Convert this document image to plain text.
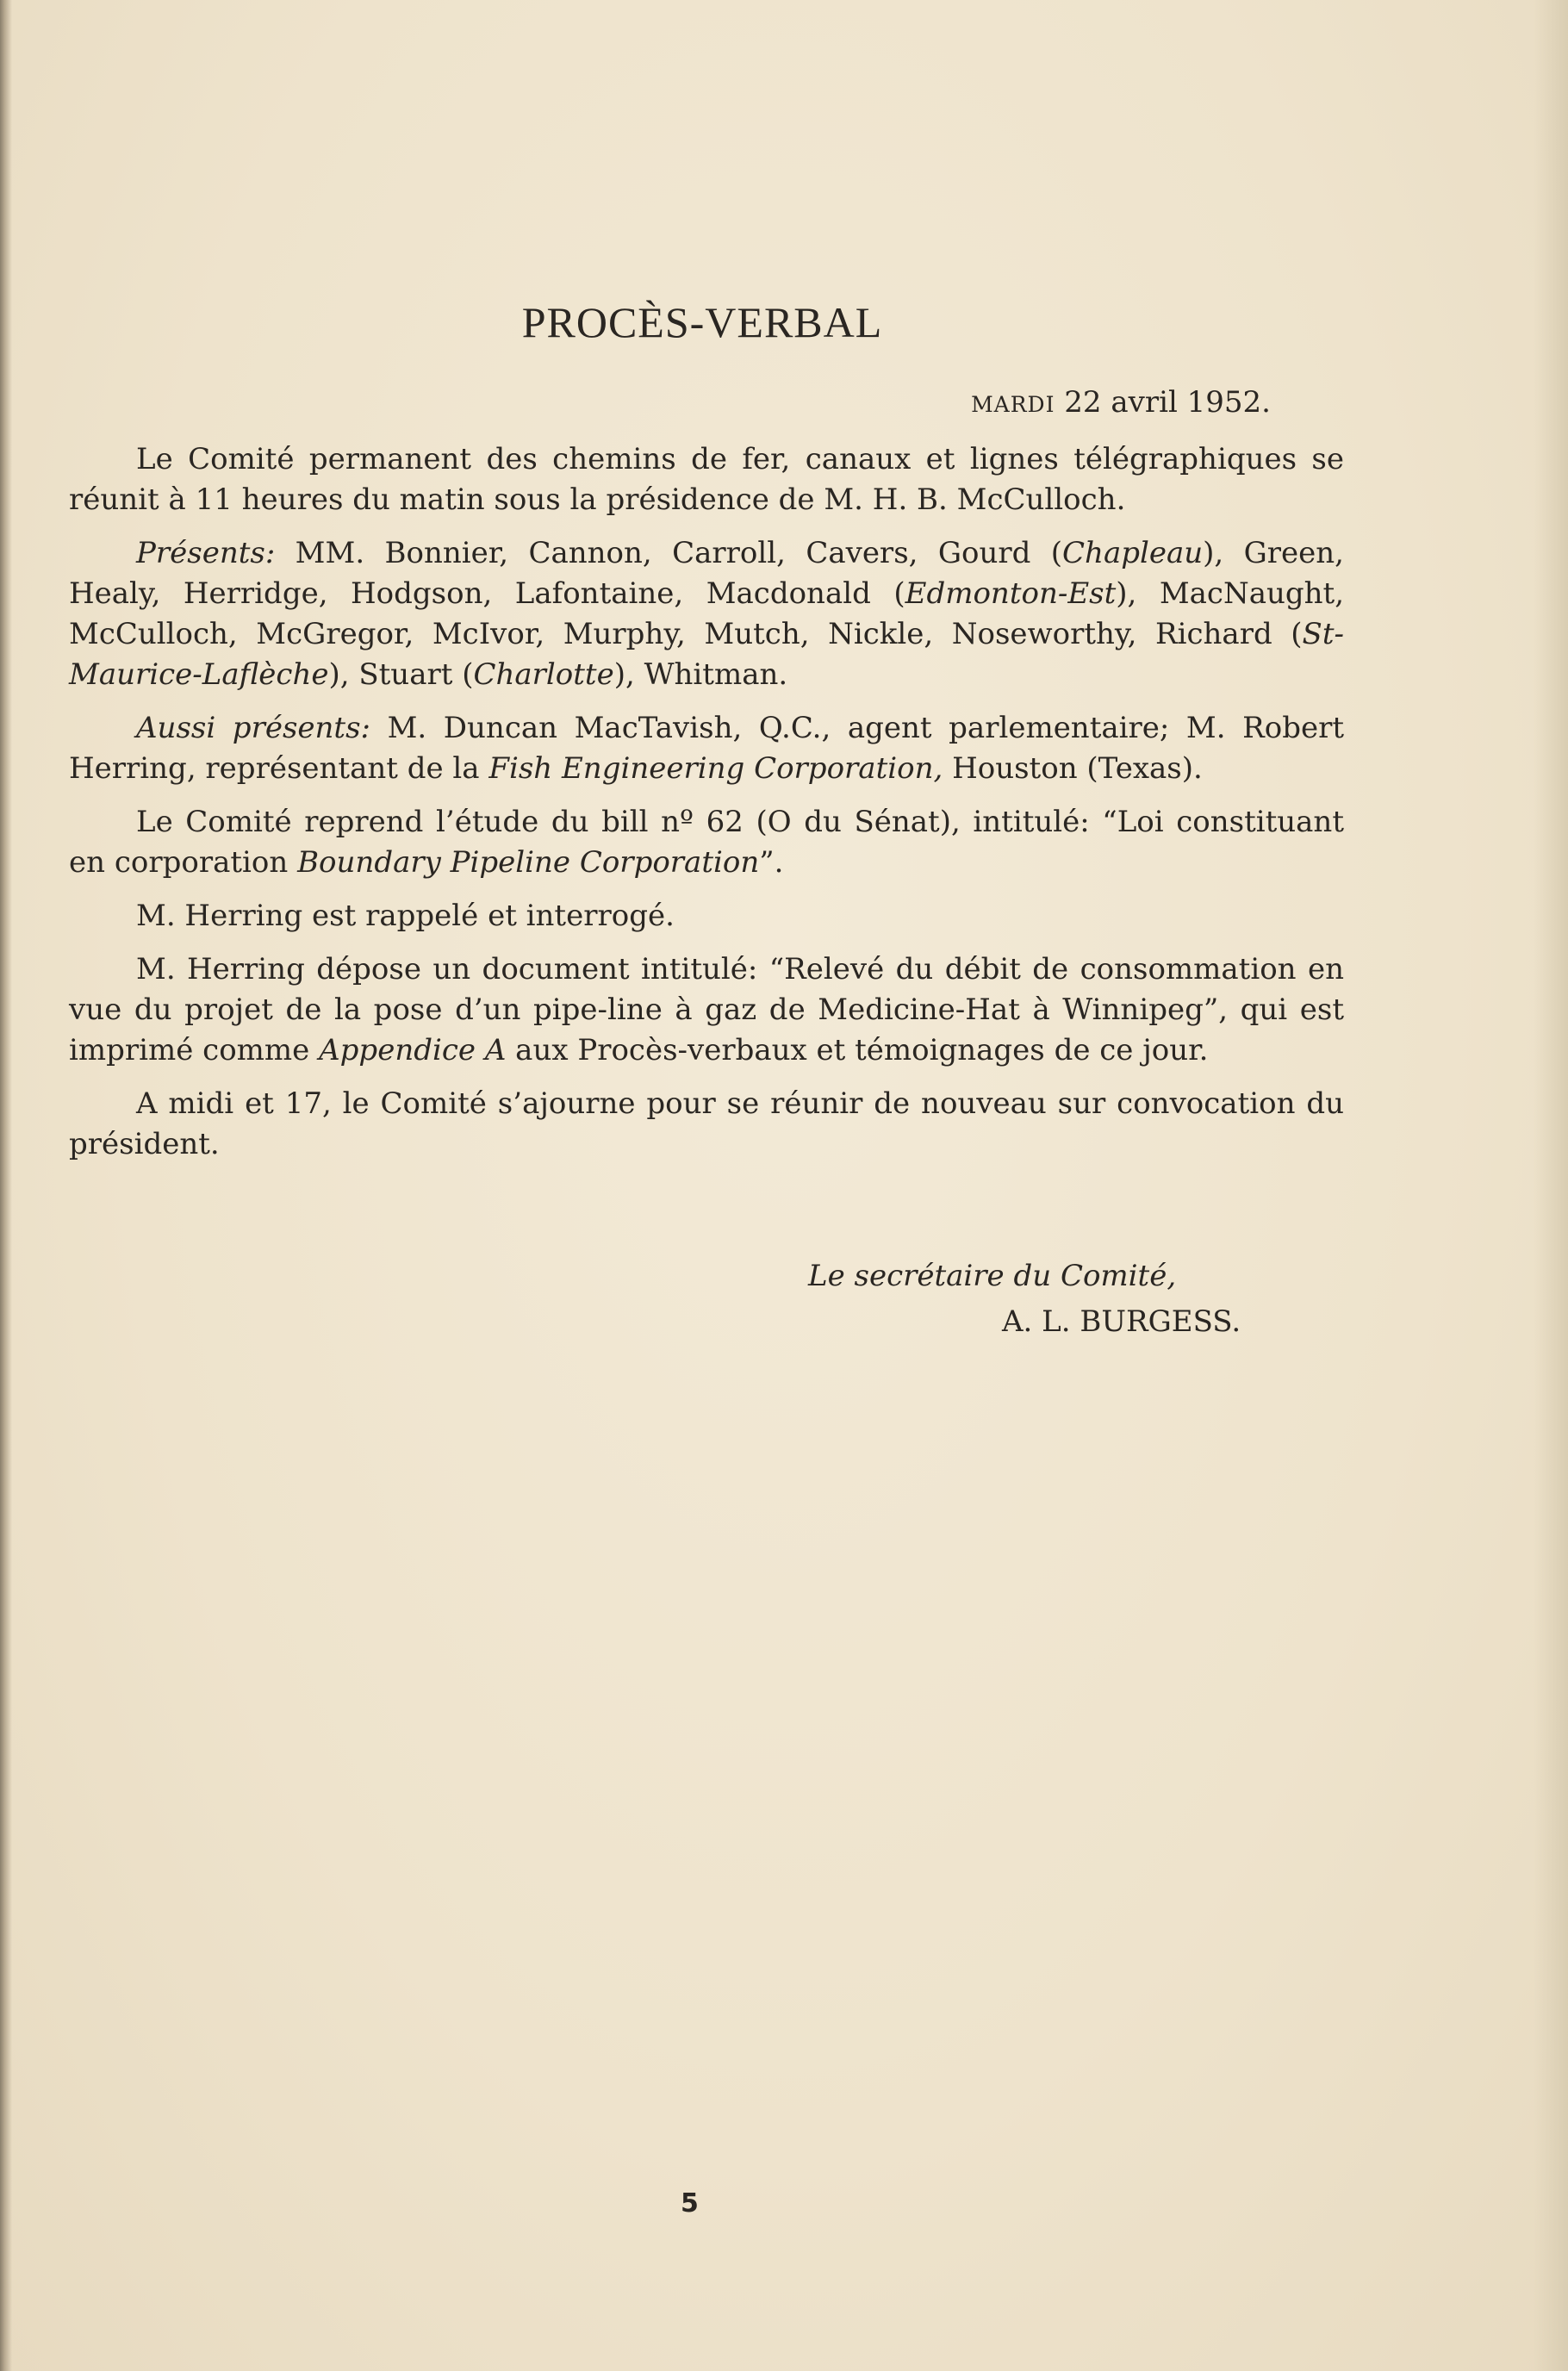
PROCÈS-VERBAL

MARDI 22 avril 1952.

Le Comité permanent des chemins de fer, canaux et lignes télégraphiques se réunit à 11 heures du matin sous la présidence de M. H. B. McCulloch.

Présents: MM. Bonnier, Cannon, Carroll, Cavers, Gourd (Chapleau), Green, Healy, Herridge, Hodgson, Lafontaine, Macdonald (Edmonton-Est), MacNaught, McCulloch, McGregor, McIvor, Murphy, Mutch, Nickle, Noseworthy, Richard (St-Maurice-Laflèche), Stuart (Charlotte), Whitman.

Aussi présents: M. Duncan MacTavish, Q.C., agent parlementaire; M. Robert Herring, représentant de la Fish Engineering Corporation, Houston (Texas).

Le Comité reprend l’étude du bill nº 62 (O du Sénat), intitulé: “Loi constituant en corporation Boundary Pipeline Corporation”.

M. Herring est rappelé et interrogé.

M. Herring dépose un document intitulé: “Relevé du débit de consommation en vue du projet de la pose d’un pipe-line à gaz de Medicine-Hat à Winnipeg”, qui est imprimé comme Appendice A aux Procès-verbaux et témoignages de ce jour.

A midi et 17, le Comité s’ajourne pour se réunir de nouveau sur convocation du président.

Le secrétaire du Comité,

A. L. BURGESS.

5
